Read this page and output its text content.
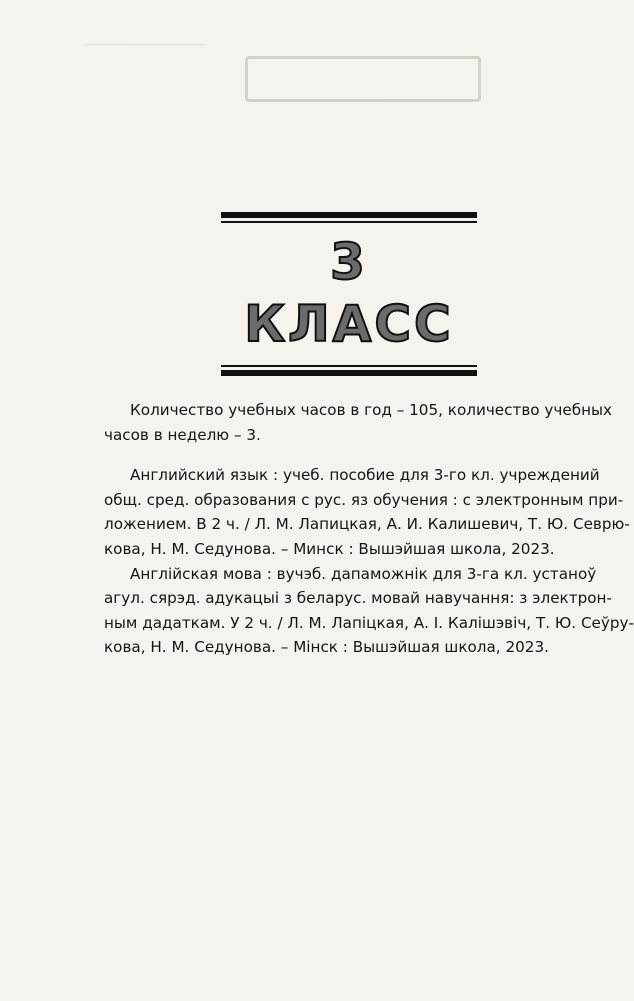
3 КЛАСС

Количество учебных часов в год – 105, количество учебных
часов в неделю – 3.

Английский язык : учеб. пособие для 3-го кл. учреждений
общ. сред. образования с рус. яз обучения : с электронным при-
ложением. В 2 ч. / Л. М. Лапицкая, А. И. Калишевич, Т. Ю. Севрю-
кова, Н. М. Седунова. – Минск : Вышэйшая школа, 2023.

Англійская мова : вучэб. дапаможнік для 3-га кл. устаноў
агул. сярэд. адукацыі з беларус. мовай навучання: з электрон-
ным дадаткам. У 2 ч. / Л. М. Лапіцкая, А. І. Калішэвіч, Т. Ю. Сеўру-
кова, Н. М. Седунова. – Мінск : Вышэйшая школа, 2023.
